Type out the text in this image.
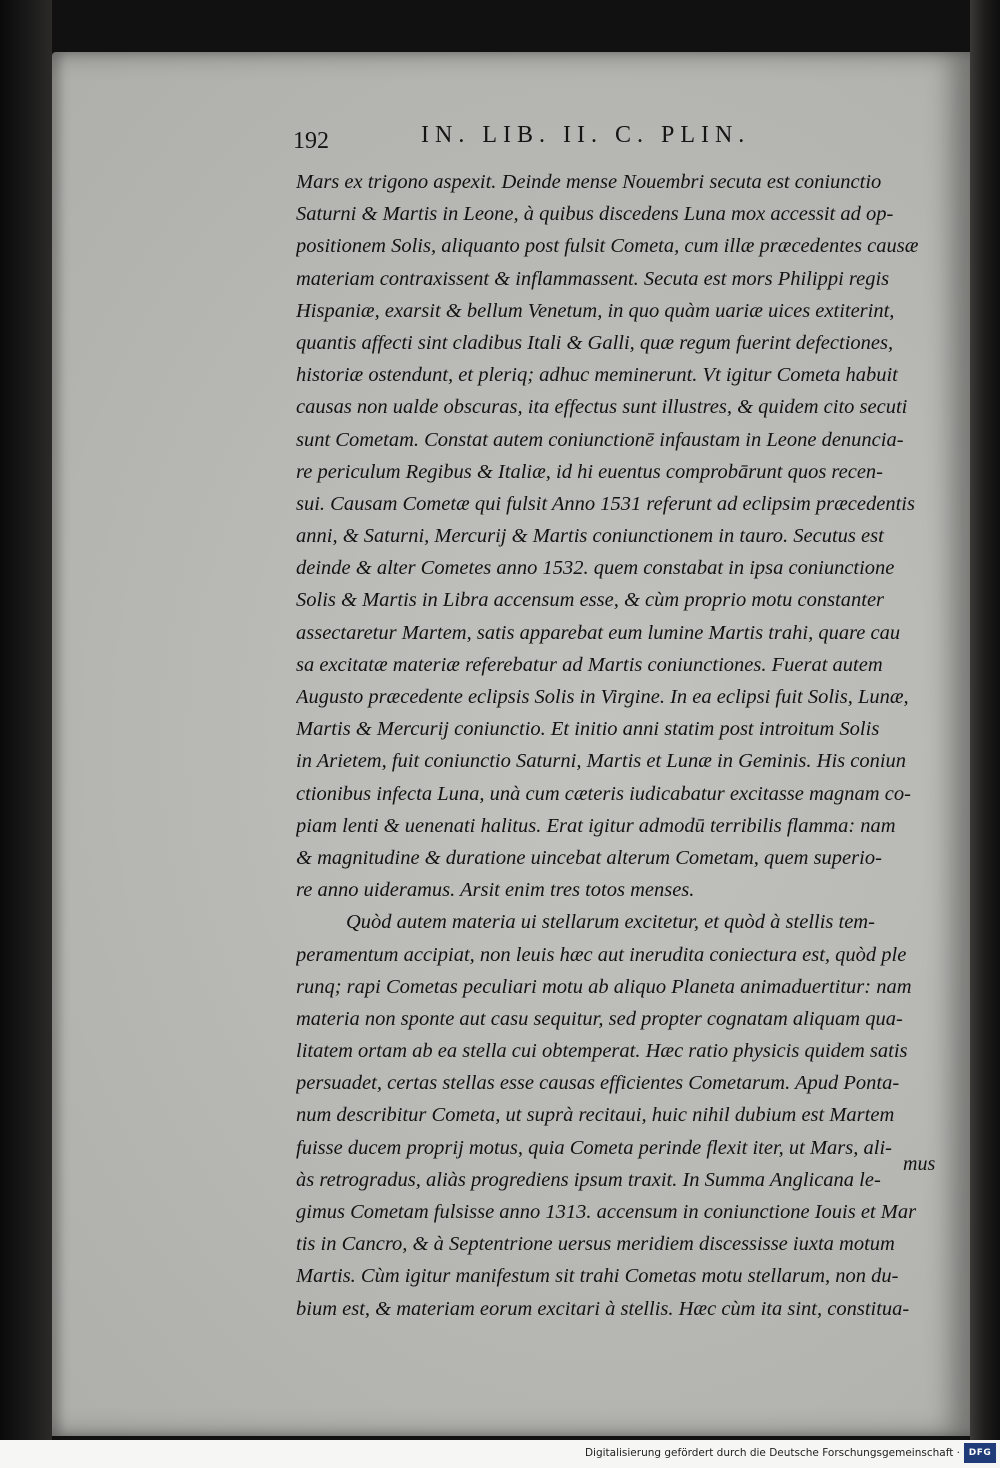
192	IN. LIB. II. C. PLIN.
Mars ex trigono aspexit. Deinde mense Nouembri secuta est coniunctio
Saturni & Martis in Leone, à quibus discedens Luna mox accessit ad op-
positionem Solis, aliquanto post fulsit Cometa, cum illæ præcedentes causæ
materiam contraxissent & inflammassent. Secuta est mors Philippi regis
Hispaniæ, exarsit & bellum Venetum, in quo quàm uariæ uices extiterint,
quantis affecti sint cladibus Itali & Galli, quæ regum fuerint defectiones,
historiæ ostendunt, et pleriq; adhuc meminerunt. Vt igitur Cometa habuit
causas non ualde obscuras, ita effectus sunt illustres, & quidem cito secuti
sunt Cometam. Constat autem coniunctionē infaustam in Leone denuncia-
re periculum Regibus & Italiæ, id hi euentus comprobārunt quos recen-
sui. Causam Cometæ qui fulsit Anno 1531 referunt ad eclipsim præcedentis
anni, & Saturni, Mercurij & Martis coniunctionem in tauro. Secutus est
deinde & alter Cometes anno 1532. quem constabat in ipsa coniunctione
Solis & Martis in Libra accensum esse, & cùm proprio motu constanter
assectaretur Martem, satis apparebat eum lumine Martis trahi, quare cau
sa excitatæ materiæ referebatur ad Martis coniunctiones. Fuerat autem
Augusto præcedente eclipsis Solis in Virgine. In ea eclipsi fuit Solis, Lunæ,
Martis & Mercurij coniunctio. Et initio anni statim post introitum Solis
in Arietem, fuit coniunctio Saturni, Martis et Lunæ in Geminis. His coniun
ctionibus infecta Luna, unà cum cæteris iudicabatur excitasse magnam co-
piam lenti & uenenati halitus. Erat igitur admodū terribilis flamma: nam
& magnitudine & duratione uincebat alterum Cometam, quem superio-
re anno uideramus. Arsit enim tres totos menses.
Quòd autem materia ui stellarum excitetur, et quòd à stellis tem-
peramentum accipiat, non leuis hæc aut inerudita coniectura est, quòd ple
runq; rapi Cometas peculiari motu ab aliquo Planeta animaduertitur: nam
materia non sponte aut casu sequitur, sed propter cognatam aliquam qua-
litatem ortam ab ea stella cui obtemperat. Hæc ratio physicis quidem satis
persuadet, certas stellas esse causas efficientes Cometarum. Apud Ponta-
num describitur Cometa, ut suprà recitaui, huic nihil dubium est Martem
fuisse ducem proprij motus, quia Cometa perinde flexit iter, ut Mars, ali-
às retrogradus, aliàs progrediens ipsum traxit. In Summa Anglicana le-
gimus Cometam fulsisse anno 1313. accensum in coniunctione Iouis et Mar
tis in Cancro, & à Septentrione uersus meridiem discessisse iuxta motum
Martis. Cùm igitur manifestum sit trahi Cometas motu stellarum, non du-
bium est, & materiam eorum excitari à stellis. Hæc cùm ita sint, constitua-
mus
Digitalisierung gefördert durch die Deutsche Forschungsgemeinschaft · DFG
